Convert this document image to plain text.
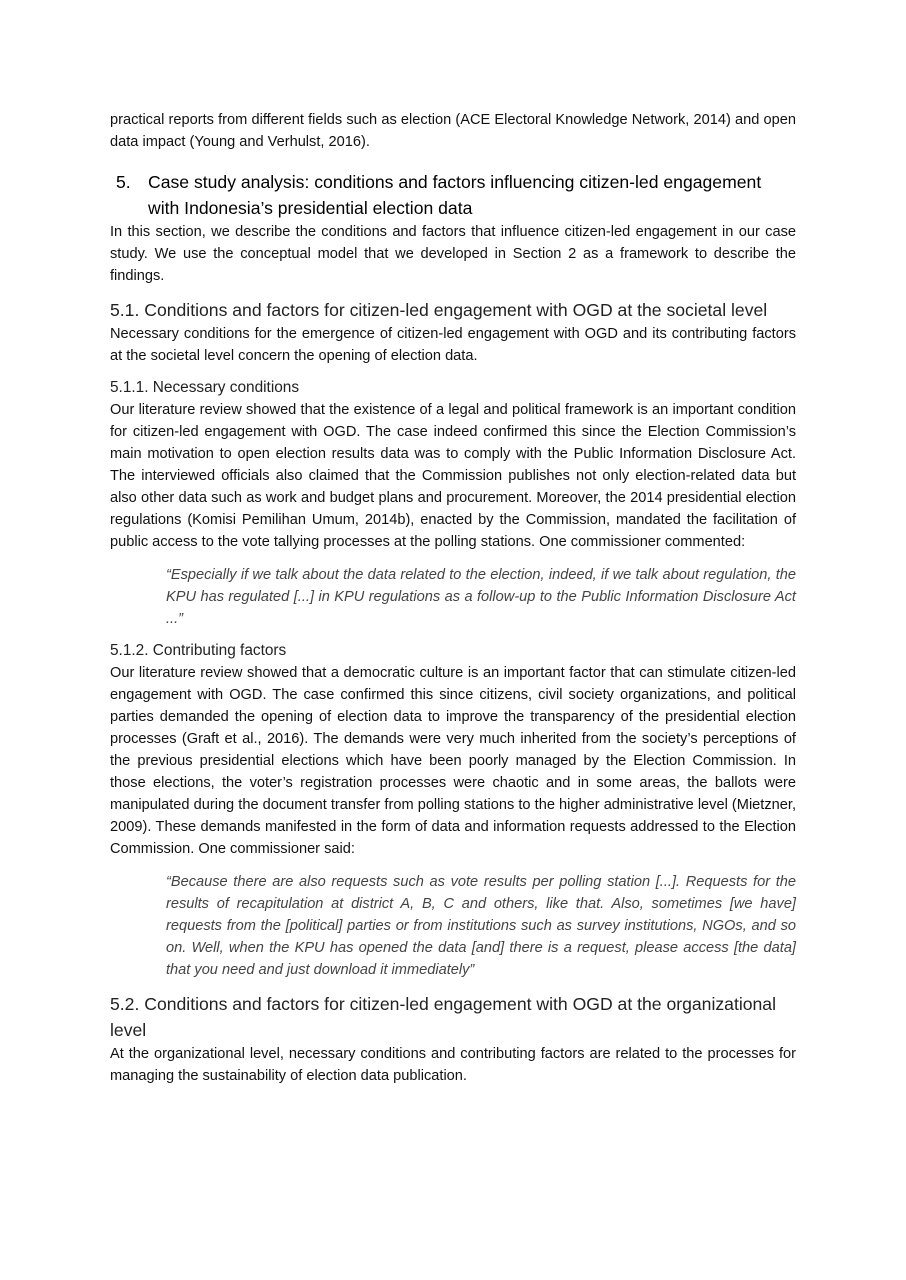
practical reports from different fields such as election (ACE Electoral Knowledge Network, 2014) and open data impact (Young and Verhulst, 2016).

5. Case study analysis: conditions and factors influencing citizen-led engagement with Indonesia’s presidential election data

In this section, we describe the conditions and factors that influence citizen-led engagement in our case study. We use the conceptual model that we developed in Section 2 as a framework to describe the findings.

5.1. Conditions and factors for citizen-led engagement with OGD at the societal level

Necessary conditions for the emergence of citizen-led engagement with OGD and its contributing factors at the societal level concern the opening of election data.

5.1.1. Necessary conditions

Our literature review showed that the existence of a legal and political framework is an important condition for citizen-led engagement with OGD. The case indeed confirmed this since the Election Commission’s main motivation to open election results data was to comply with the Public Information Disclosure Act. The interviewed officials also claimed that the Commission publishes not only election-related data but also other data such as work and budget plans and procurement. Moreover, the 2014 presidential election regulations (Komisi Pemilihan Umum, 2014b), enacted by the Commission, mandated the facilitation of public access to the vote tallying processes at the polling stations. One commissioner commented:

“Especially if we talk about the data related to the election, indeed, if we talk about regulation, the KPU has regulated [...] in KPU regulations as a follow-up to the Public Information Disclosure Act ...”

5.1.2. Contributing factors

Our literature review showed that a democratic culture is an important factor that can stimulate citizen-led engagement with OGD. The case confirmed this since citizens, civil society organizations, and political parties demanded the opening of election data to improve the transparency of the presidential election processes (Graft et al., 2016). The demands were very much inherited from the society’s perceptions of the previous presidential elections which have been poorly managed by the Election Commission. In those elections, the voter’s registration processes were chaotic and in some areas, the ballots were manipulated during the document transfer from polling stations to the higher administrative level (Mietzner, 2009). These demands manifested in the form of data and information requests addressed to the Election Commission. One commissioner said:

“Because there are also requests such as vote results per polling station [...]. Requests for the results of recapitulation at district A, B, C and others, like that. Also, sometimes [we have] requests from the [political] parties or from institutions such as survey institutions, NGOs, and so on. Well, when the KPU has opened the data [and] there is a request, please access [the data] that you need and just download it immediately”

5.2. Conditions and factors for citizen-led engagement with OGD at the organizational level

At the organizational level, necessary conditions and contributing factors are related to the processes for managing the sustainability of election data publication.
